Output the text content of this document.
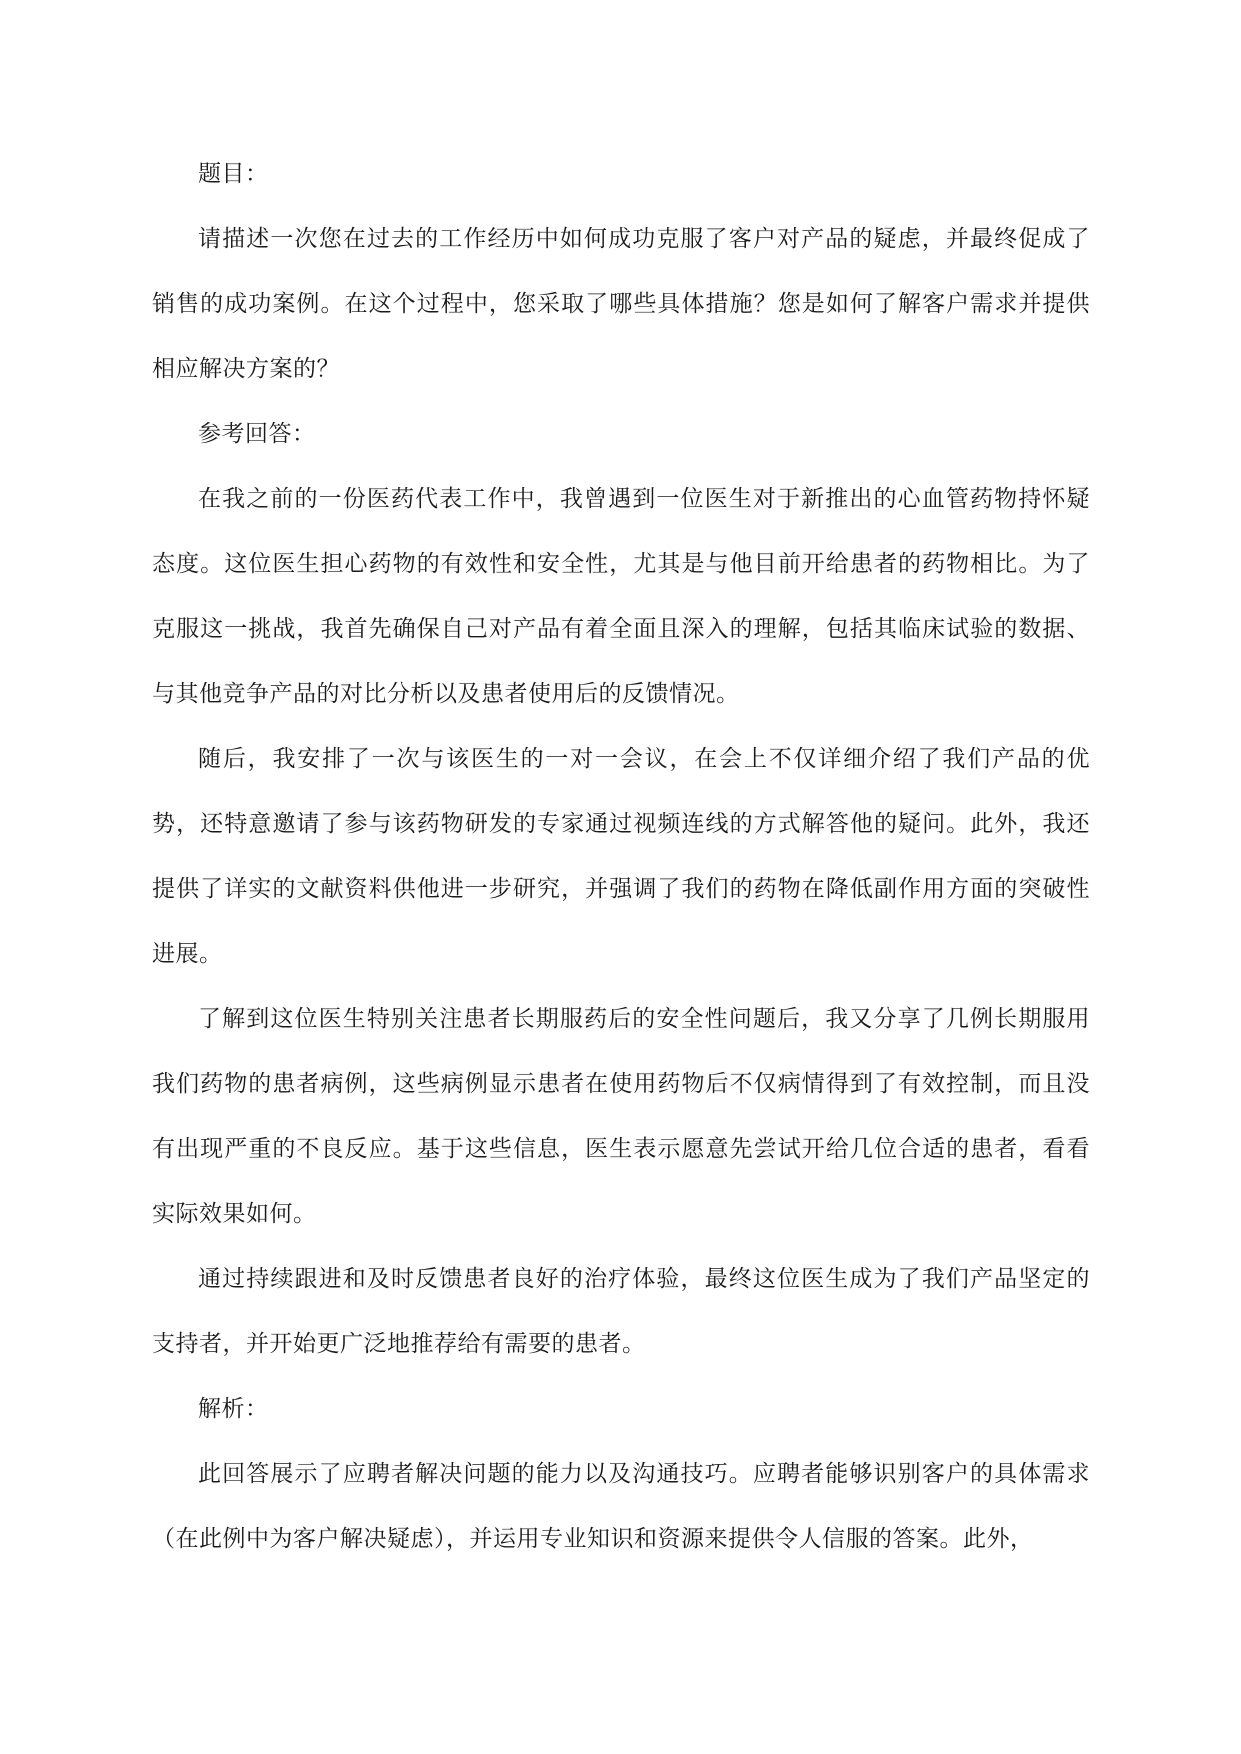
题目：

请描述一次您在过去的工作经历中如何成功克服了客户对产品的疑虑，并最终促成了销售的成功案例。在这个过程中，您采取了哪些具体措施？您是如何了解客户需求并提供相应解决方案的？

参考回答：

在我之前的一份医药代表工作中，我曾遇到一位医生对于新推出的心血管药物持怀疑态度。这位医生担心药物的有效性和安全性，尤其是与他目前开给患者的药物相比。为了克服这一挑战，我首先确保自己对产品有着全面且深入的理解，包括其临床试验的数据、与其他竞争产品的对比分析以及患者使用后的反馈情况。

随后，我安排了一次与该医生的一对一会议，在会上不仅详细介绍了我们产品的优势，还特意邀请了参与该药物研发的专家通过视频连线的方式解答他的疑问。此外，我还提供了详实的文献资料供他进一步研究，并强调了我们的药物在降低副作用方面的突破性进展。

了解到这位医生特别关注患者长期服药后的安全性问题后，我又分享了几例长期服用我们药物的患者病例，这些病例显示患者在使用药物后不仅病情得到了有效控制，而且没有出现严重的不良反应。基于这些信息，医生表示愿意先尝试开给几位合适的患者，看看实际效果如何。

通过持续跟进和及时反馈患者良好的治疗体验，最终这位医生成为了我们产品坚定的支持者，并开始更广泛地推荐给有需要的患者。

解析：

此回答展示了应聘者解决问题的能力以及沟通技巧。应聘者能够识别客户的具体需求（在此例中为客户解决疑虑），并运用专业知识和资源来提供令人信服的答案。此外，
